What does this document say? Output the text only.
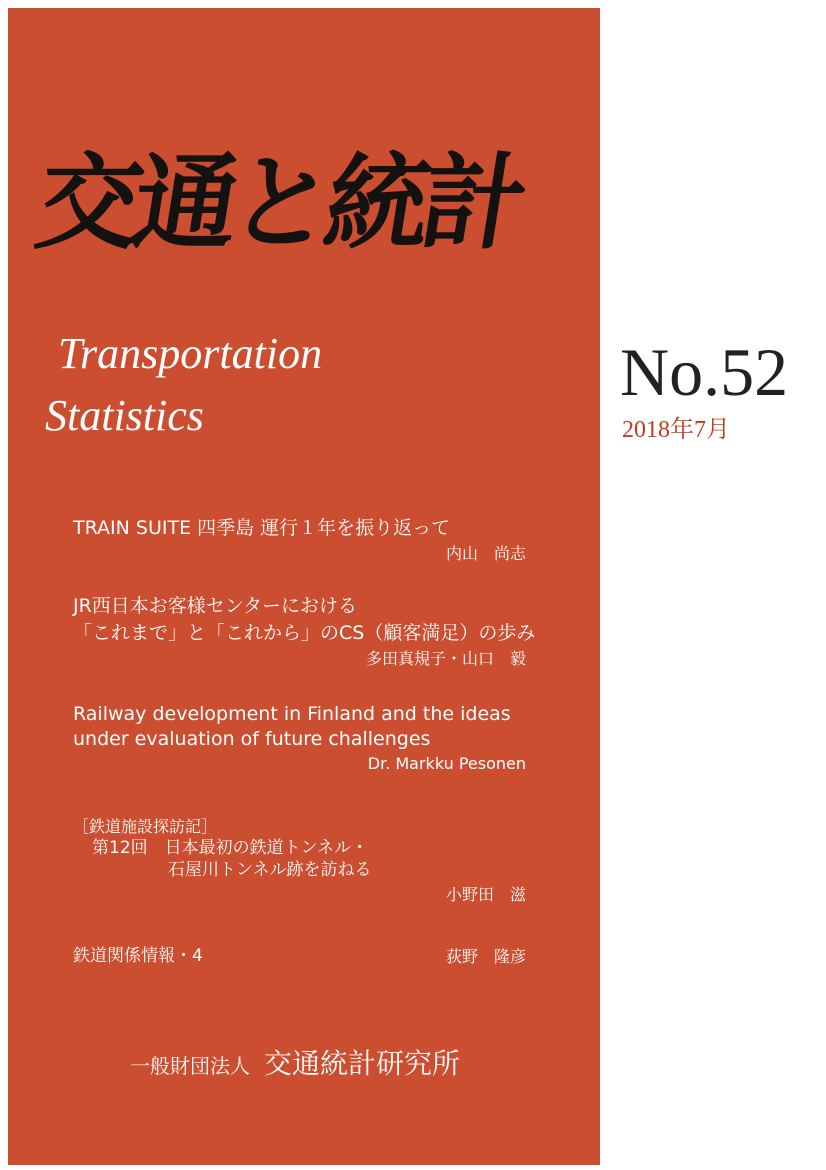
交通と統計
Transportation
Statistics
No.52
2018年7月
TRAIN SUITE 四季島 運行１年を振り返って
内山　尚志
JR西日本お客様センターにおける
「これまで」と「これから」のCS（顧客満足）の歩み
多田真規子・山口　毅
Railway development in Finland and the ideas
under evaluation of future challenges
Dr. Markku Pesonen
［鉄道施設探訪記］
第12回　日本最初の鉄道トンネル・
石屋川トンネル跡を訪ねる
小野田　滋
鉄道関係情報・4	荻野　隆彦
一般財団法人 交通統計研究所
